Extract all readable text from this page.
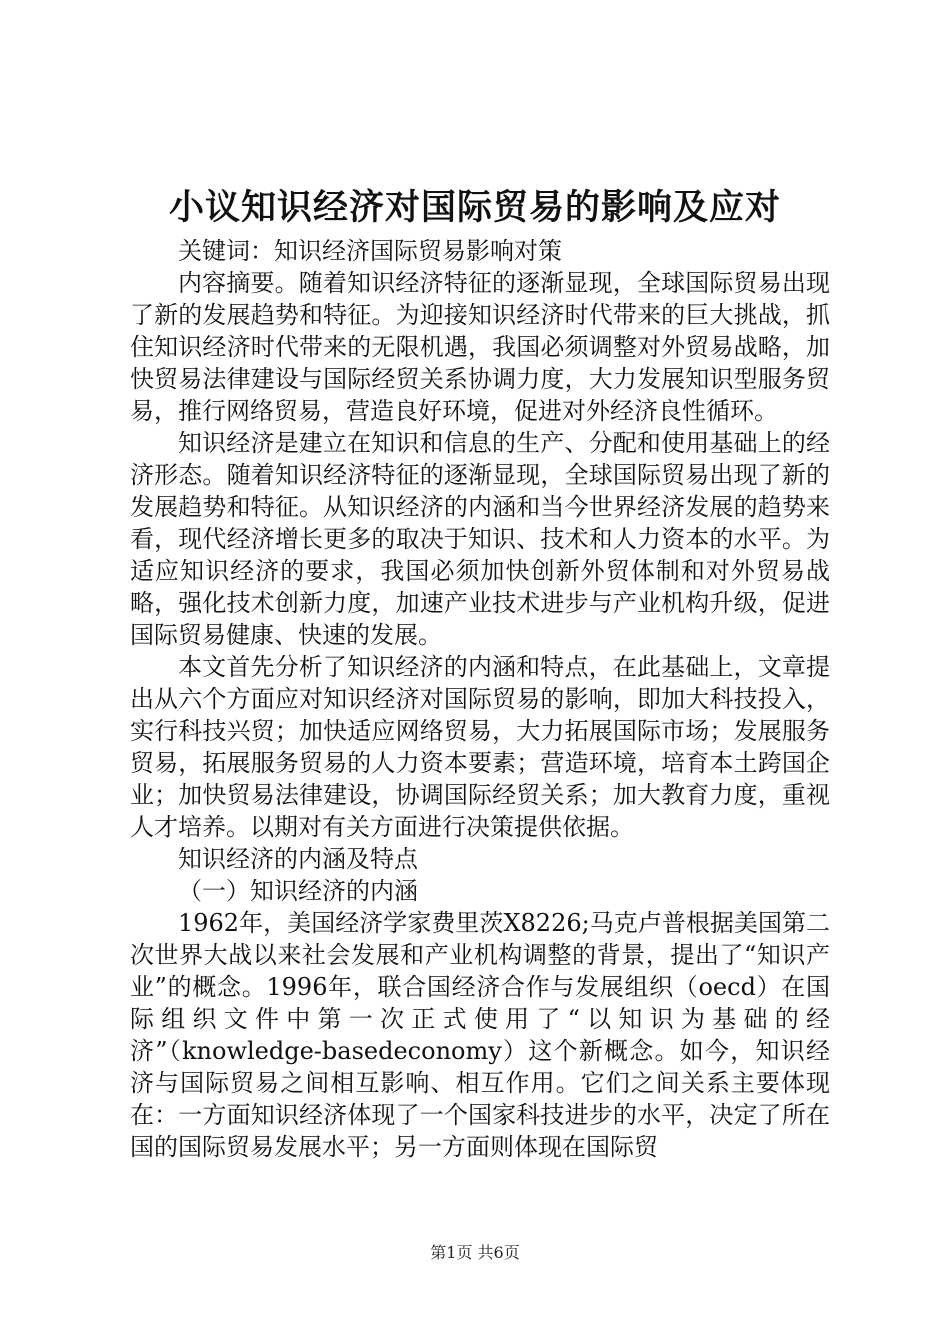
小议知识经济对国际贸易的影响及应对

关键词：知识经济国际贸易影响对策

内容摘要。随着知识经济特征的逐渐显现，全球国际贸易出现了新的发展趋势和特征。为迎接知识经济时代带来的巨大挑战，抓住知识经济时代带来的无限机遇，我国必须调整对外贸易战略，加快贸易法律建设与国际经贸关系协调力度，大力发展知识型服务贸易，推行网络贸易，营造良好环境，促进对外经济良性循环。

知识经济是建立在知识和信息的生产、分配和使用基础上的经济形态。随着知识经济特征的逐渐显现，全球国际贸易出现了新的发展趋势和特征。从知识经济的内涵和当今世界经济发展的趋势来看，现代经济增长更多的取决于知识、技术和人力资本的水平。为适应知识经济的要求，我国必须加快创新外贸体制和对外贸易战略，强化技术创新力度，加速产业技术进步与产业机构升级，促进国际贸易健康、快速的发展。

本文首先分析了知识经济的内涵和特点，在此基础上，文章提出从六个方面应对知识经济对国际贸易的影响，即加大科技投入，实行科技兴贸；加快适应网络贸易，大力拓展国际市场；发展服务贸易，拓展服务贸易的人力资本要素；营造环境，培育本土跨国企业；加快贸易法律建设，协调国际经贸关系；加大教育力度，重视人才培养。以期对有关方面进行决策提供依据。

知识经济的内涵及特点

（一）知识经济的内涵

1962年，美国经济学家费里茨X8226;马克卢普根据美国第二次世界大战以来社会发展和产业机构调整的背景，提出了“知识产业”的概念。1996年，联合国经济合作与发展组织（oecd）在国际组织文件中第一次正式使用了“以知识为基础的经济”（knowledge-basedeconomy）这个新概念。如今，知识经济与国际贸易之间相互影响、相互作用。它们之间关系主要体现在：一方面知识经济体现了一个国家科技进步的水平，决定了所在国的国际贸易发展水平；另一方面则体现在国际贸

第1页 共6页
